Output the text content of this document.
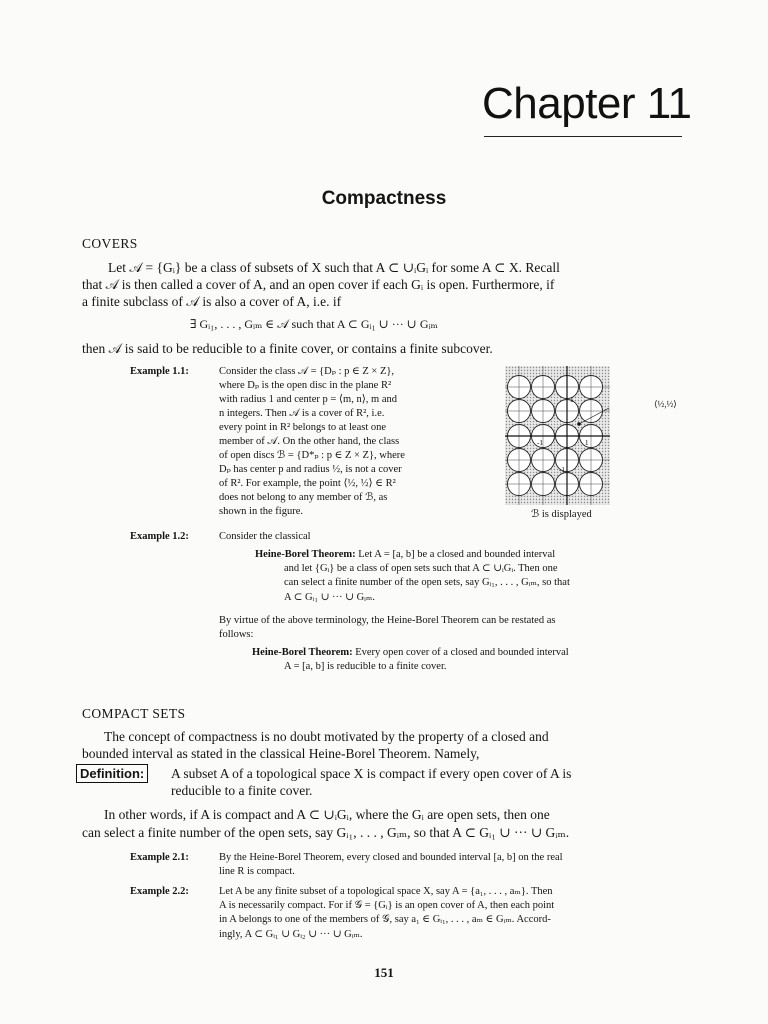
Chapter 11
Compactness
COVERS
Let 𝒜 = {Gᵢ} be a class of subsets of X such that A ⊂ ∪ᵢGᵢ for some A ⊂ X. Recall
that 𝒜 is then called a cover of A, and an open cover if each Gᵢ is open. Furthermore, if
a finite subclass of 𝒜 is also a cover of A, i.e. if
∃ Gᵢ₁, . . . , Gᵢₘ ∈ 𝒜 such that A ⊂ Gᵢ₁ ∪ ··· ∪ Gᵢₘ
then 𝒜 is said to be reducible to a finite cover, or contains a finite subcover.
Example 1.1:	Consider the class 𝒜 = {Dₚ : p ∈ Z × Z},
where Dₚ is the open disc in the plane R²
with radius 1 and center p = ⟨m, n⟩, m and
n integers. Then 𝒜 is a cover of R², i.e.
every point in R² belongs to at least one
member of 𝒜. On the other hand, the class
of open discs ℬ = {D*ₚ : p ∈ Z × Z}, where
Dₚ has center p and radius ½, is not a cover
of R². For example, the point ⟨½, ½⟩ ∈ R²
does not belong to any member of ℬ, as
shown in the figure.
1
-1
1
-1
⟨½,½⟩
ℬ is displayed
Example 1.2:	Consider the classical
Heine-Borel Theorem: Let A = [a, b] be a closed and bounded interval
and let {Gᵢ} be a class of open sets such that A ⊂ ∪ᵢGᵢ. Then one
can select a finite number of the open sets, say Gᵢ₁, . . . , Gᵢₘ, so that
A ⊂ Gᵢ₁ ∪ ··· ∪ Gᵢₘ.
By virtue of the above terminology, the Heine-Borel Theorem can be restated as
follows:
Heine-Borel Theorem: Every open cover of a closed and bounded interval
A = [a, b] is reducible to a finite cover.
COMPACT SETS
The concept of compactness is no doubt motivated by the property of a closed and
bounded interval as stated in the classical Heine-Borel Theorem. Namely,
Definition: A subset A of a topological space X is compact if every open cover of A is
reducible to a finite cover.
In other words, if A is compact and A ⊂ ∪ᵢGᵢ, where the Gᵢ are open sets, then one
can select a finite number of the open sets, say Gᵢ₁, . . . , Gᵢₘ, so that A ⊂ Gᵢ₁ ∪ ··· ∪ Gᵢₘ.
Example 2.1:	By the Heine-Borel Theorem, every closed and bounded interval [a, b] on the real
line R is compact.
Example 2.2:	Let A be any finite subset of a topological space X, say A = {a₁, . . . , aₘ}. Then
A is necessarily compact. For if 𝒢 = {Gᵢ} is an open cover of A, then each point
in A belongs to one of the members of 𝒢, say a₁ ∈ Gᵢ₁, . . . , aₘ ∈ Gᵢₘ. Accord-
ingly, A ⊂ Gᵢ₁ ∪ Gᵢ₂ ∪ ··· ∪ Gᵢₘ.
151
